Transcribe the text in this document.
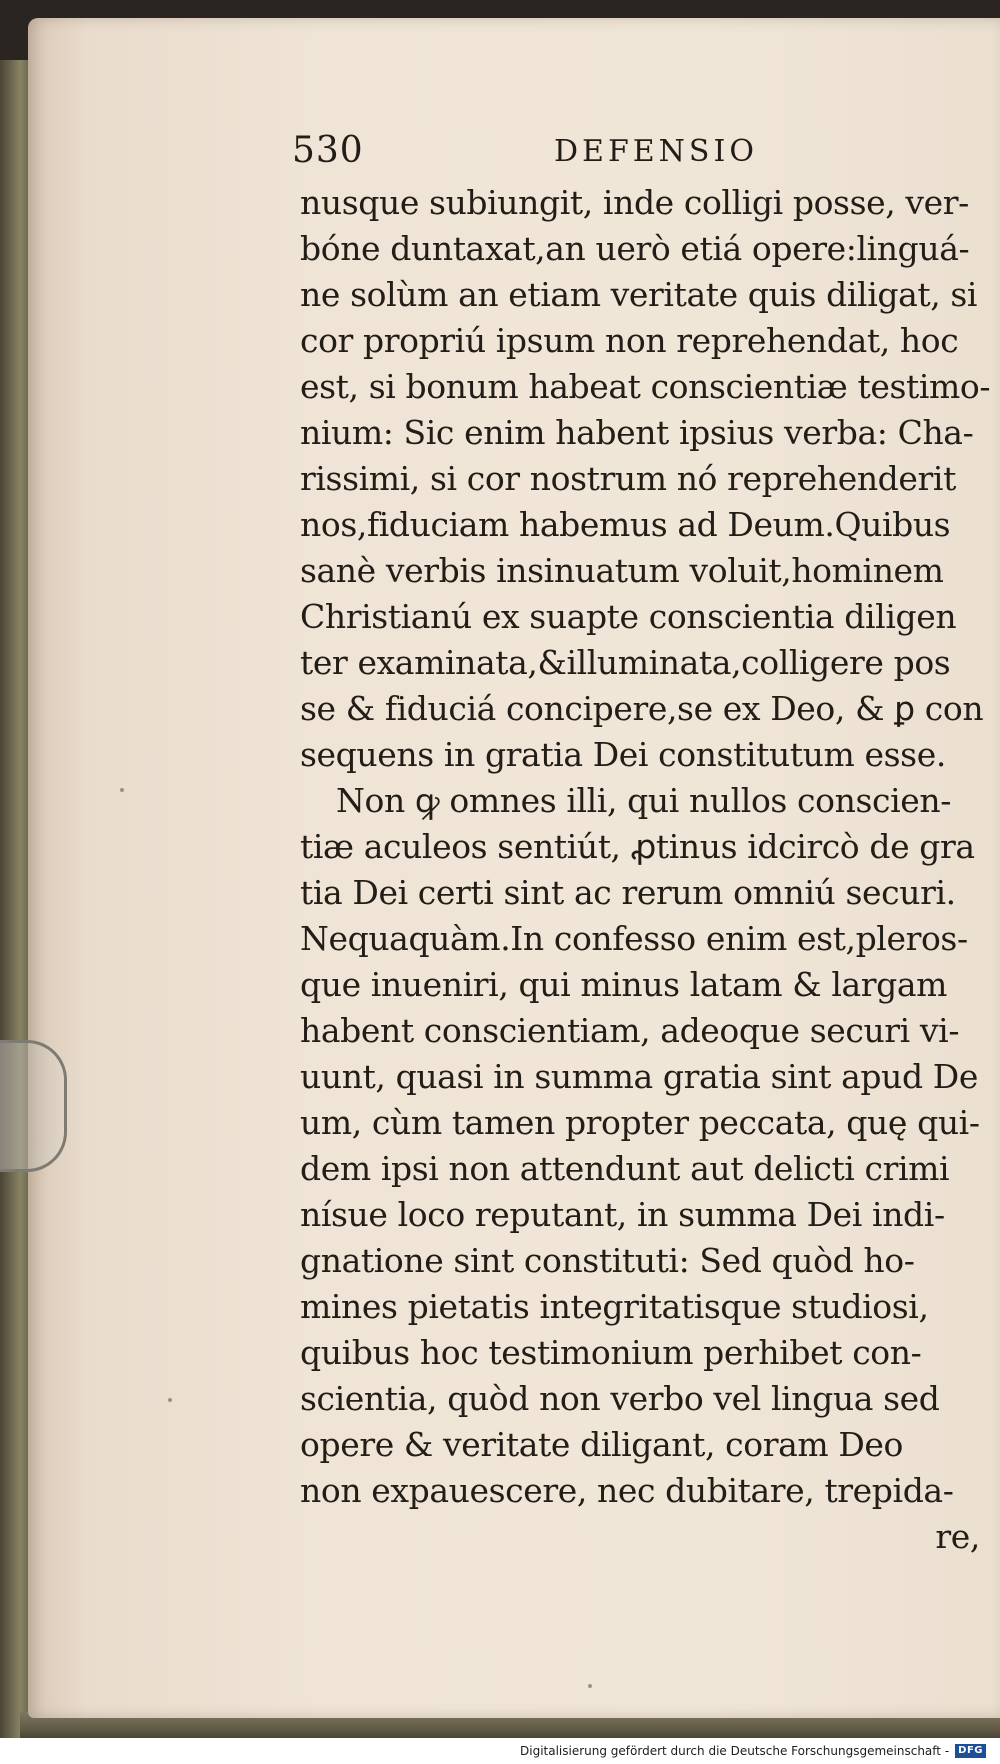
530	DEFENSIO
nusque subiungit, inde colligi posse, ver-
bóne duntaxat,an uerò etiá opere:linguá-
ne solùm an etiam veritate quis diligat, si
cor propriú ipsum non reprehendat, hoc
est, si bonum habeat conscientiæ testimo-
nium: Sic enim habent ipsius verba: Cha-
rissimi, si cor nostrum nó reprehenderit
nos,fiduciam habemus ad Deum.Quibus
sanè verbis insinuatum voluit,hominem
Christianú ex suapte conscientia diligen
ter examinata,&illuminata,colligere pos
se & fiduciá concipere,se ex Deo, & ꝑ con
sequens in gratia Dei constitutum esse.
Non ꝙ omnes illi, qui nullos conscien-
tiæ aculeos sentiút, ꝓtinus idcircò de gra
tia Dei certi sint ac rerum omniú securi.
Nequaquàm.In confesso enim est,pleros-
que inueniri, qui minus latam & largam
habent conscientiam, adeoque securi vi-
uunt, quasi in summa gratia sint apud De
um, cùm tamen propter peccata, quę qui-
dem ipsi non attendunt aut delicti crimi
nísue loco reputant, in summa Dei indi-
gnatione sint constituti: Sed quòd ho-
mines pietatis integritatisque studiosi,
quibus hoc testimonium perhibet con-
scientia, quòd non verbo vel lingua sed
opere & veritate diligant, coram Deo
non expauescere, nec dubitare, trepida-
re,
Digitalisierung gefördert durch die Deutsche Forschungsgemeinschaft - DFG
